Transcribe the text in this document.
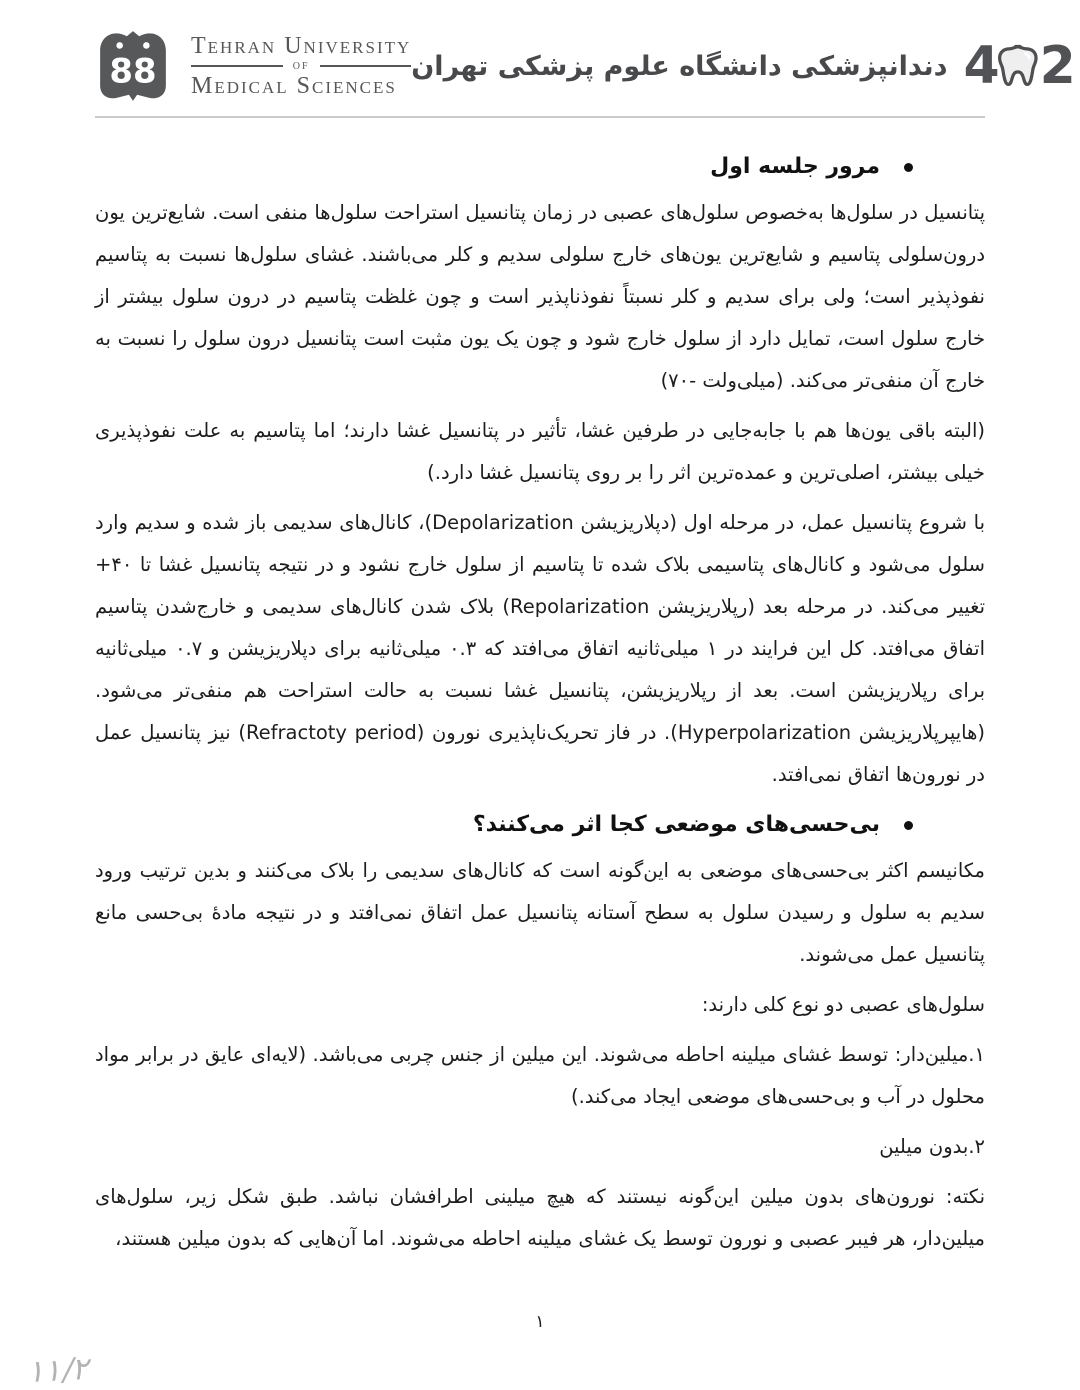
88
Tehran University
of
Medical Sciences
دندانپزشکی دانشگاه علوم پزشکی تهران 4 2
مرور جلسه اول

پتانسیل در سلول‌ها به‌خصوص سلول‌های عصبی در زمان پتانسیل استراحت سلول‌ها منفی است. شایع‌ترین یون درون‌سلولی پتاسیم و شایع‌ترین یون‌های خارج سلولی سدیم و کلر می‌باشند. غشای سلول‌ها نسبت به پتاسیم نفوذپذیر است؛ ولی برای سدیم و کلر نسبتاً نفوذناپذیر است و چون غلظت پتاسیم در درون سلول بیشتر از خارج سلول است، تمایل دارد از سلول خارج شود و چون یک یون مثبت است پتانسیل درون سلول را نسبت به خارج آن منفی‌تر می‌کند. (۷۰- میلی‌ولت)

(البته باقی یون‌ها هم با جابه‌جایی در طرفین غشا، تأثیر در پتانسیل غشا دارند؛ اما پتاسیم به علت نفوذپذیری خیلی بیشتر، اصلی‌ترین و عمده‌ترین اثر را بر روی پتانسیل غشا دارد.)

با شروع پتانسیل عمل، در مرحله اول (دپلاریزیشن Depolarization)، کانال‌های سدیمی باز شده و سدیم وارد سلول می‌شود و کانال‌های پتاسیمی بلاک شده تا پتاسیم از سلول خارج نشود و در نتیجه پتانسیل غشا تا +۴۰ تغییر می‌کند. در مرحله بعد (رپلاریزیشن Repolarization) بلاک شدن کانال‌های سدیمی و خارج‌شدن پتاسیم اتفاق می‌افتد. کل این فرایند در ۱ میلی‌ثانیه اتفاق می‌افتد که ۰.۳ میلی‌ثانیه برای دپلاریزیشن و ۰.۷ میلی‌ثانیه برای رپلاریزیشن است. بعد از رپلاریزیشن، پتانسیل غشا نسبت به حالت استراحت هم منفی‌تر می‌شود. (هایپرپلاریزیشن Hyperpolarization). در فاز تحریک‌ناپذیری نورون (Refractoty period) نیز پتانسیل عمل در نورون‌ها اتفاق نمی‌افتد.

بی‌حسی‌های موضعی کجا اثر می‌کنند؟

مکانیسم اکثر بی‌حسی‌های موضعی به این‌گونه است که کانال‌های سدیمی را بلاک می‌کنند و بدین ترتیب ورود سدیم به سلول و رسیدن سلول به سطح آستانه پتانسیل عمل اتفاق نمی‌افتد و در نتیجه مادهٔ بی‌حسی مانع پتانسیل عمل می‌شوند.

سلول‌های عصبی دو نوع کلی دارند:

۱.میلین‌دار: توسط غشای میلینه احاطه می‌شوند. این میلین از جنس چربی می‌باشد. (لایه‌ای عایق در برابر مواد محلول در آب و بی‌حسی‌های موضعی ایجاد می‌کند.)

۲.بدون میلین

نکته: نورون‌های بدون میلین این‌گونه نیستند که هیچ میلینی اطرافشان نباشد. طبق شکل زیر، سلول‌های میلین‌دار، هر فیبر عصبی و نورون توسط یک غشای میلینه احاطه می‌شوند. اما آن‌هایی که بدون میلین هستند،

۱
۱۱/۲
